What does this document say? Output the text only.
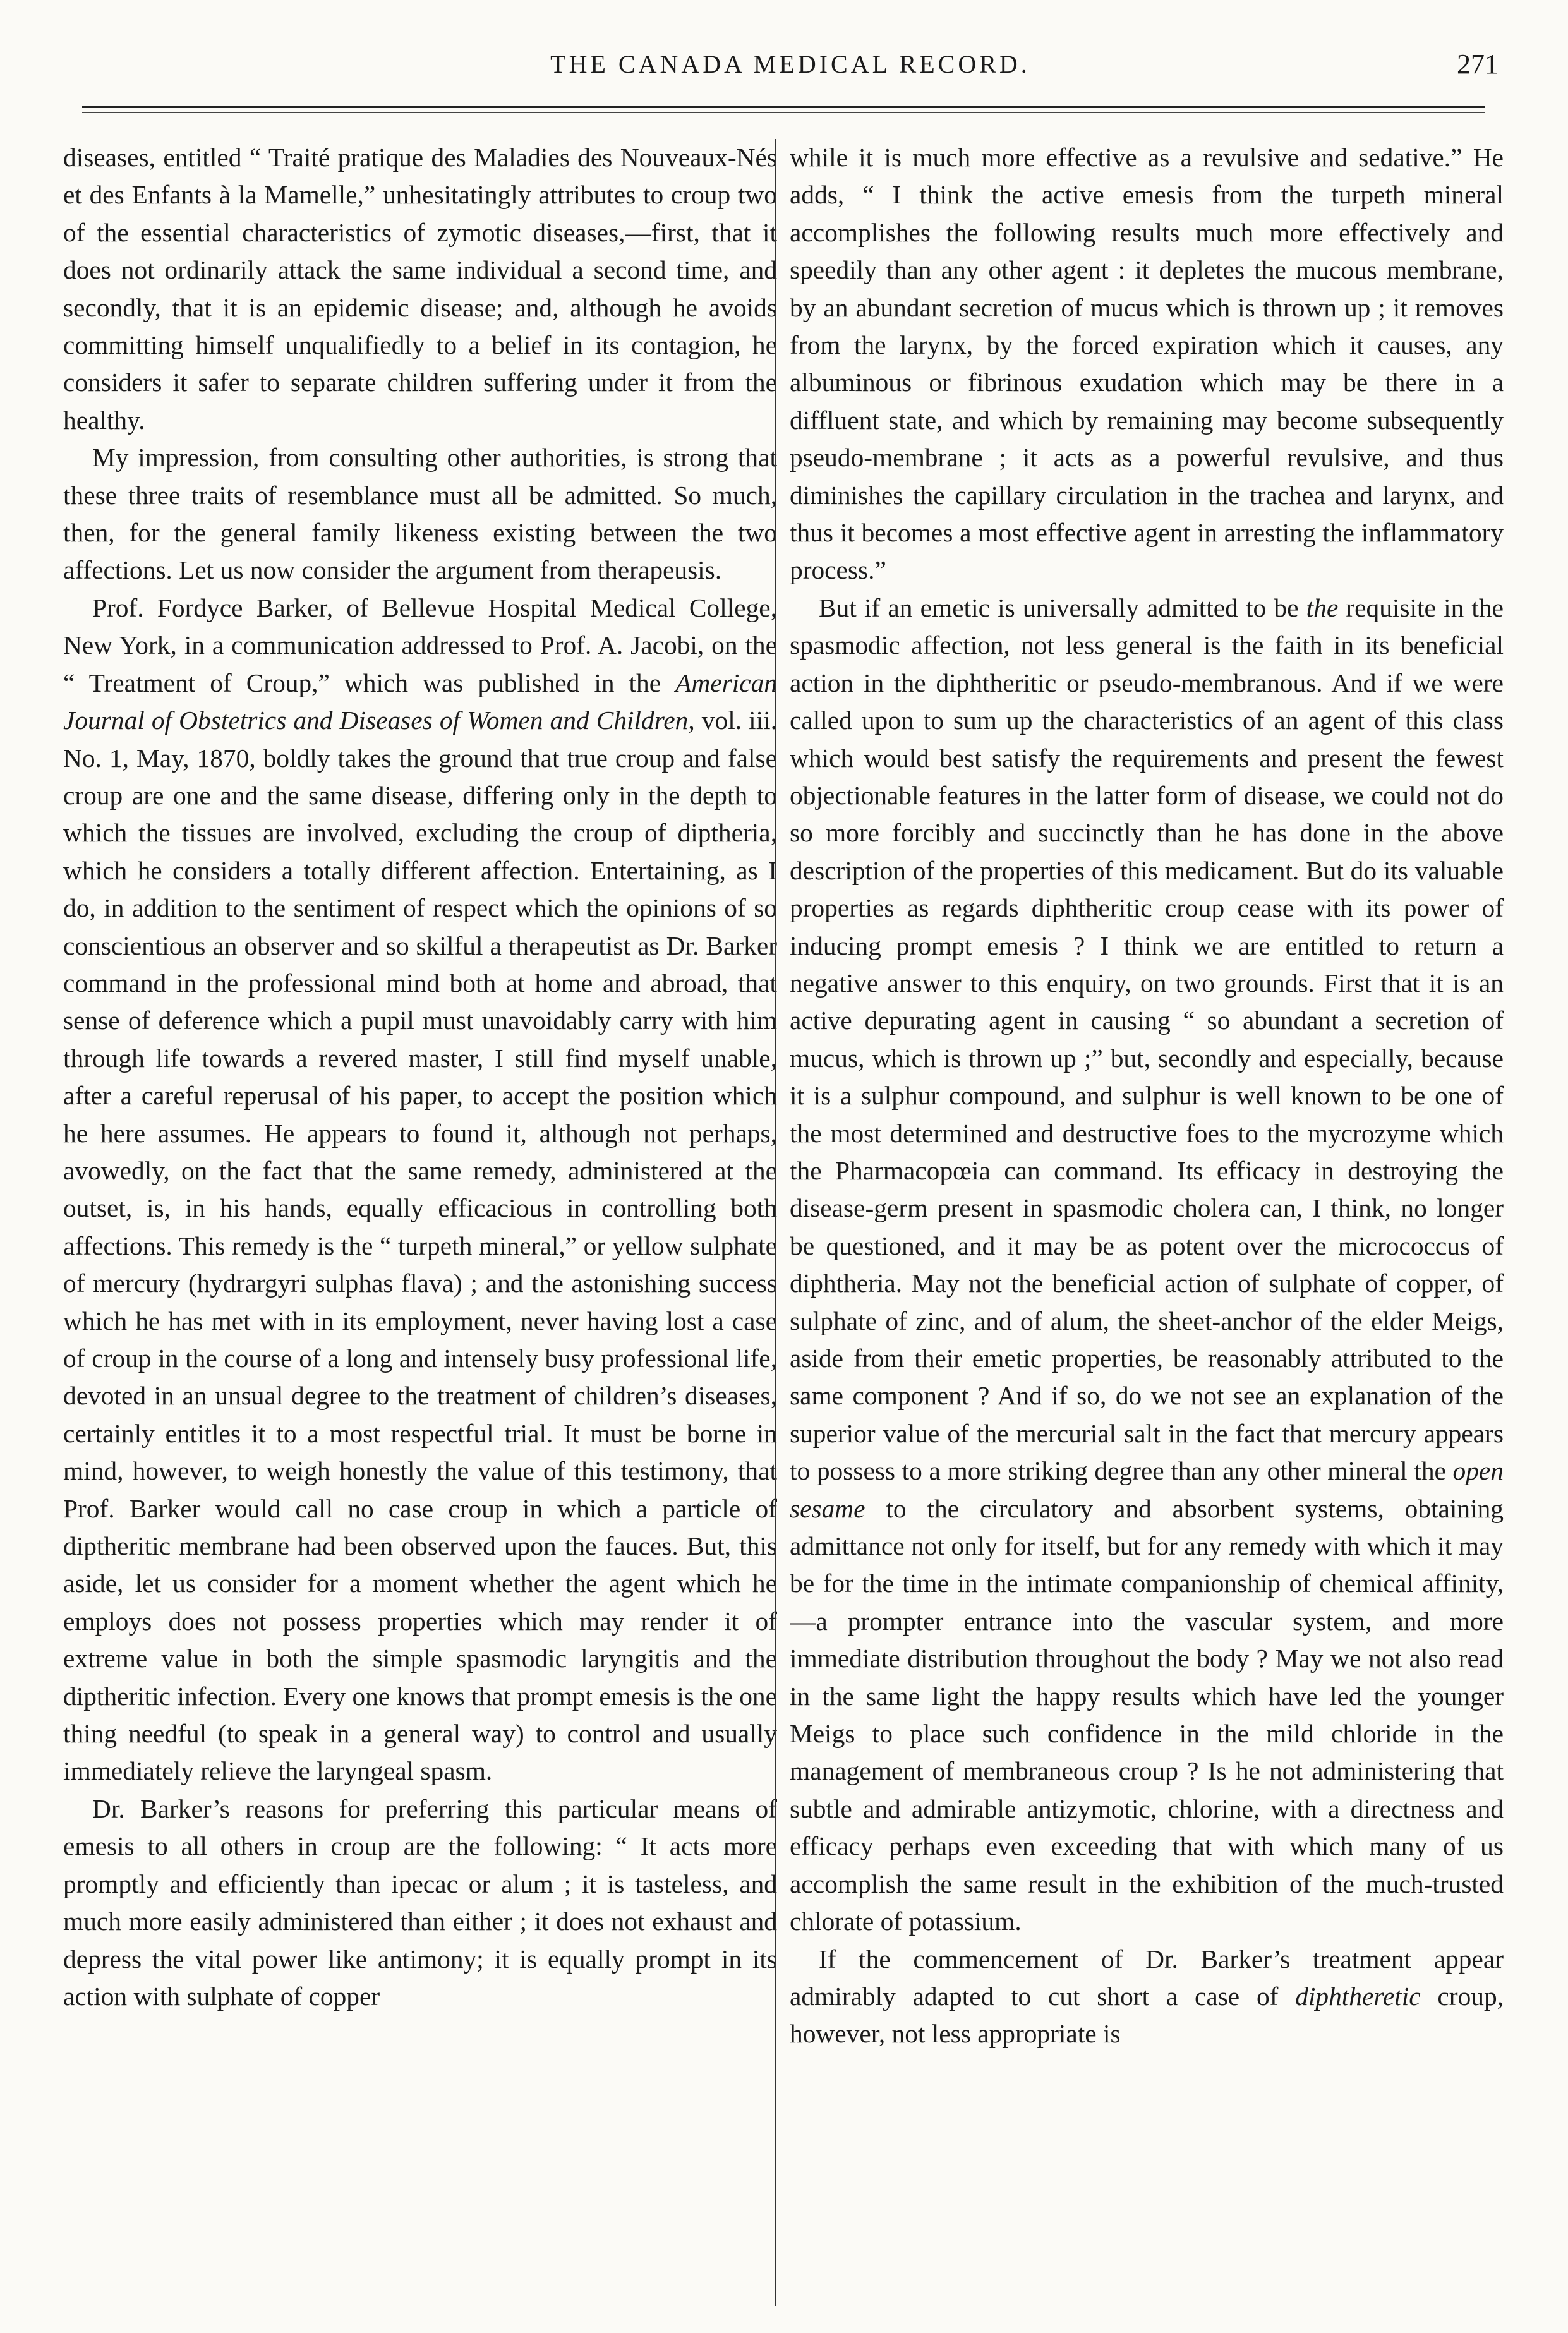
THE CANADA MEDICAL RECORD.	271

diseases, entitled “ Traité pratique des Maladies des Nouveaux-Nés et des Enfants à la Mamelle,” unhesitatingly attributes to croup two of the essential characteristics of zymotic diseases,—first, that it does not ordinarily attack the same individual a second time, and secondly, that it is an epidemic disease; and, although he avoids committing himself unqualifiedly to a belief in its contagion, he considers it safer to separate children suffering under it from the healthy.

My impression, from consulting other authorities, is strong that these three traits of resemblance must all be admitted. So much, then, for the general family likeness existing between the two affections. Let us now consider the argument from therapeusis.

Prof. Fordyce Barker, of Bellevue Hospital Medical College, New York, in a communication addressed to Prof. A. Jacobi, on the “ Treatment of Croup,” which was published in the American Journal of Obstetrics and Diseases of Women and Children, vol. iii. No. 1, May, 1870, boldly takes the ground that true croup and false croup are one and the same disease, differing only in the depth to which the tissues are involved, excluding the croup of diptheria, which he considers a totally different affection. Entertaining, as I do, in addition to the sentiment of respect which the opinions of so conscientious an observer and so skilful a therapeutist as Dr. Barker command in the professional mind both at home and abroad, that sense of deference which a pupil must unavoidably carry with him through life towards a revered master, I still find myself unable, after a careful reperusal of his paper, to accept the position which he here assumes. He appears to found it, although not perhaps, avowedly, on the fact that the same remedy, administered at the outset, is, in his hands, equally efficacious in controlling both affections. This remedy is the “ turpeth mineral,” or yellow sulphate of mercury (hydrargyri sulphas flava) ; and the astonishing success which he has met with in its employment, never having lost a case of croup in the course of a long and intensely busy professional life, devoted in an unsual degree to the treatment of children’s diseases, certainly entitles it to a most respectful trial. It must be borne in mind, however, to weigh honestly the value of this testimony, that Prof. Barker would call no case croup in which a particle of diptheritic membrane had been observed upon the fauces. But, this aside, let us consider for a moment whether the agent which he employs does not possess properties which may render it of extreme value in both the simple spasmodic laryngitis and the diptheritic infection. Every one knows that prompt emesis is the one thing needful (to speak in a general way) to control and usually immediately relieve the laryngeal spasm.

Dr. Barker’s reasons for preferring this particular means of emesis to all others in croup are the following: “ It acts more promptly and efficiently than ipecac or alum ; it is tasteless, and much more easily administered than either ; it does not exhaust and depress the vital power like antimony; it is equally prompt in its action with sulphate of copper

while it is much more effective as a revulsive and sedative.” He adds, “ I think the active emesis from the turpeth mineral accomplishes the following results much more effectively and speedily than any other agent : it depletes the mucous membrane, by an abundant secretion of mucus which is thrown up ; it removes from the larynx, by the forced expiration which it causes, any albuminous or fibrinous exudation which may be there in a diffluent state, and which by remaining may become subsequently pseudo-membrane ; it acts as a powerful revulsive, and thus diminishes the capillary circulation in the trachea and larynx, and thus it becomes a most effective agent in arresting the inflammatory process.”

But if an emetic is universally admitted to be the requisite in the spasmodic affection, not less general is the faith in its beneficial action in the diphtheritic or pseudo-membranous. And if we were called upon to sum up the characteristics of an agent of this class which would best satisfy the requirements and present the fewest objectionable features in the latter form of disease, we could not do so more forcibly and succinctly than he has done in the above description of the properties of this medicament. But do its valuable properties as regards diphtheritic croup cease with its power of inducing prompt emesis ? I think we are entitled to return a negative answer to this enquiry, on two grounds. First that it is an active depurating agent in causing “ so abundant a secretion of mucus, which is thrown up ;” but, secondly and especially, because it is a sulphur compound, and sulphur is well known to be one of the most determined and destructive foes to the mycrozyme which the Pharmacopœia can command. Its efficacy in destroying the disease-germ present in spasmodic cholera can, I think, no longer be questioned, and it may be as potent over the micrococcus of diphtheria. May not the beneficial action of sulphate of copper, of sulphate of zinc, and of alum, the sheet-anchor of the elder Meigs, aside from their emetic properties, be reasonably attributed to the same component ? And if so, do we not see an explanation of the superior value of the mercurial salt in the fact that mercury appears to possess to a more striking degree than any other mineral the open sesame to the circulatory and absorbent systems, obtaining admittance not only for itself, but for any remedy with which it may be for the time in the intimate companionship of chemical affinity,—a prompter entrance into the vascular system, and more immediate distribution throughout the body ? May we not also read in the same light the happy results which have led the younger Meigs to place such confidence in the mild chloride in the management of membraneous croup ? Is he not administering that subtle and admirable antizymotic, chlorine, with a directness and efficacy perhaps even exceeding that with which many of us accomplish the same result in the exhibition of the much-trusted chlorate of potassium.

If the commencement of Dr. Barker’s treatment appear admirably adapted to cut short a case of diphtheretic croup, however, not less appropriate is
